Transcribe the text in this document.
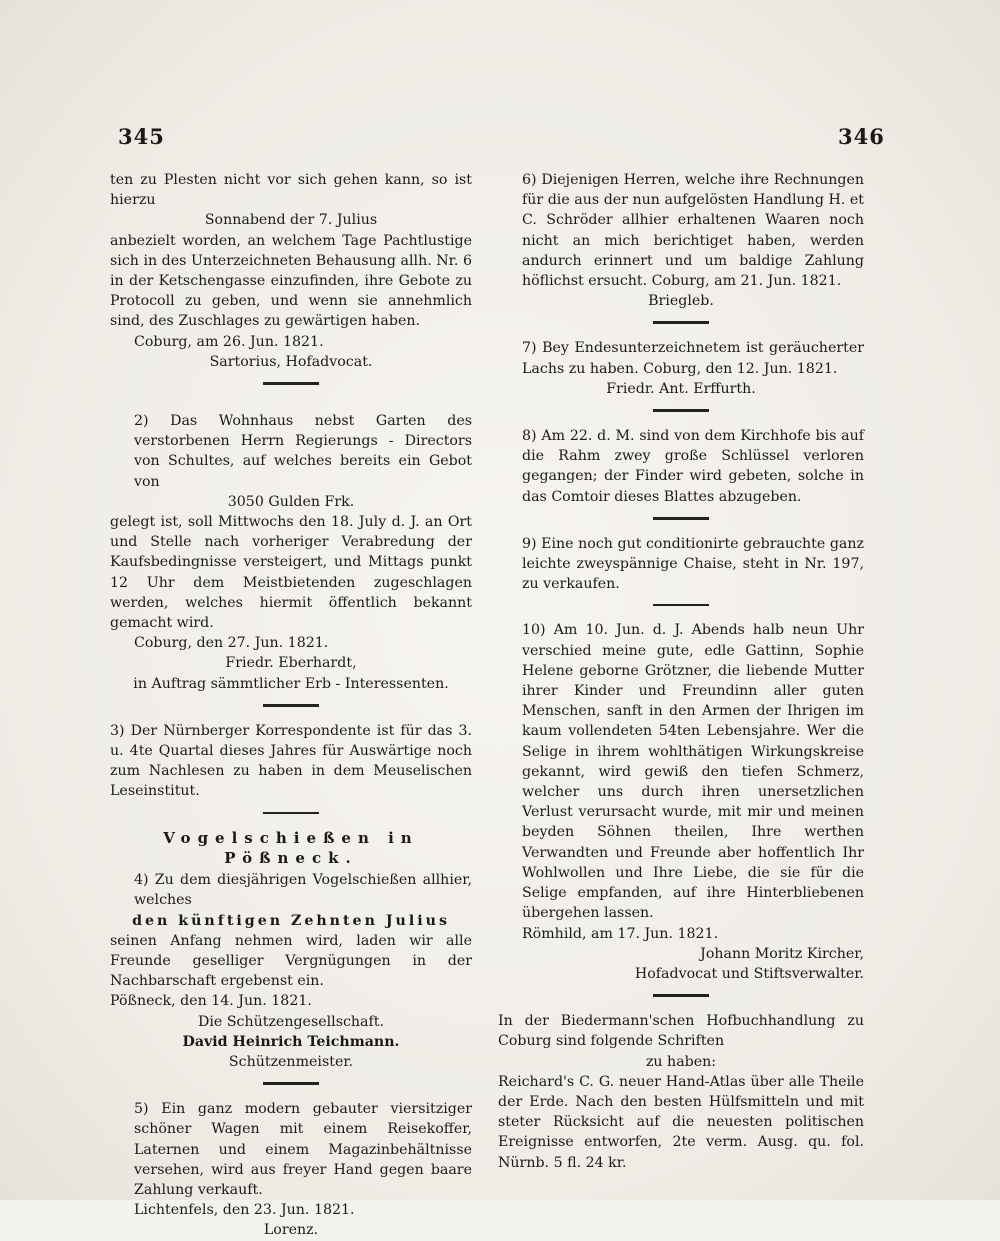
345	346

ten zu Plesten nicht vor sich gehen kann, so ist hierzu

Sonnabend der 7. Julius

anbezielt worden, an welchem Tage Pachtlustige sich in des Unterzeichneten Behausung allh. Nr. 6 in der Ketschengasse einzufinden, ihre Gebote zu Protocoll zu geben, und wenn sie annehmlich sind, des Zuschlages zu gewärtigen haben.

Coburg, am 26. Jun. 1821.

Sartorius, Hofadvocat.

2) Das Wohnhaus nebst Garten des verstorbenen Herrn Regierungs - Directors von Schultes, auf welches bereits ein Gebot von

3050 Gulden Frk.

gelegt ist, soll Mittwochs den 18. July d. J. an Ort und Stelle nach vorheriger Verabredung der Kaufsbedingnisse versteigert, und Mittags punkt 12 Uhr dem Meistbietenden zugeschlagen werden, welches hiermit öffentlich bekannt gemacht wird.

Coburg, den 27. Jun. 1821.

Friedr. Eberhardt,

in Auftrag sämmtlicher Erb - Interessenten.

3) Der Nürnberger Korrespondente ist für das 3. u. 4te Quartal dieses Jahres für Auswärtige noch zum Nachlesen zu haben in dem Meuselischen Leseinstitut.

Vogelschießen in Pößneck.

4) Zu dem diesjährigen Vogelschießen allhier, welches

den künftigen Zehnten Julius

seinen Anfang nehmen wird, laden wir alle Freunde geselliger Vergnügungen in der Nachbarschaft ergebenst ein.

Pößneck, den 14. Jun. 1821.

Die Schützengesellschaft.

David Heinrich Teichmann.

Schützenmeister.

5) Ein ganz modern gebauter viersitziger schöner Wagen mit einem Reisekoffer, Laternen und einem Magazinbehältnisse versehen, wird aus freyer Hand gegen baare Zahlung verkauft.

Lichtenfels, den 23. Jun. 1821.

Lorenz.

6) Diejenigen Herren, welche ihre Rechnungen für die aus der nun aufgelösten Handlung H. et C. Schröder allhier erhaltenen Waaren noch nicht an mich berichtiget haben, werden andurch erinnert und um baldige Zahlung höflichst ersucht. Coburg, am 21. Jun. 1821.

Briegleb.

7) Bey Endesunterzeichnetem ist geräucherter Lachs zu haben. Coburg, den 12. Jun. 1821.

Friedr. Ant. Erffurth.

8) Am 22. d. M. sind von dem Kirchhofe bis auf die Rahm zwey große Schlüssel verloren gegangen; der Finder wird gebeten, solche in das Comtoir dieses Blattes abzugeben.

9) Eine noch gut conditionirte gebrauchte ganz leichte zweyspännige Chaise, steht in Nr. 197, zu verkaufen.

10) Am 10. Jun. d. J. Abends halb neun Uhr verschied meine gute, edle Gattinn, Sophie Helene geborne Grötzner, die liebende Mutter ihrer Kinder und Freundinn aller guten Menschen, sanft in den Armen der Ihrigen im kaum vollendeten 54ten Lebensjahre. Wer die Selige in ihrem wohlthätigen Wirkungskreise gekannt, wird gewiß den tiefen Schmerz, welcher uns durch ihren unersetzlichen Verlust verursacht wurde, mit mir und meinen beyden Söhnen theilen, Ihre werthen Verwandten und Freunde aber hoffentlich Ihr Wohlwollen und Ihre Liebe, die sie für die Selige empfanden, auf ihre Hinterbliebenen übergehen lassen.

Römhild, am 17. Jun. 1821.

Johann Moritz Kircher,

Hofadvocat und Stiftsverwalter.

In der Biedermann'schen Hofbuchhandlung zu Coburg sind folgende Schriften

zu haben:

Reichard's C. G. neuer Hand-Atlas über alle Theile der Erde. Nach den besten Hülfsmitteln und mit steter Rücksicht auf die neuesten politischen Ereignisse entworfen, 2te verm. Ausg. qu. fol. Nürnb. 5 fl. 24 kr.
